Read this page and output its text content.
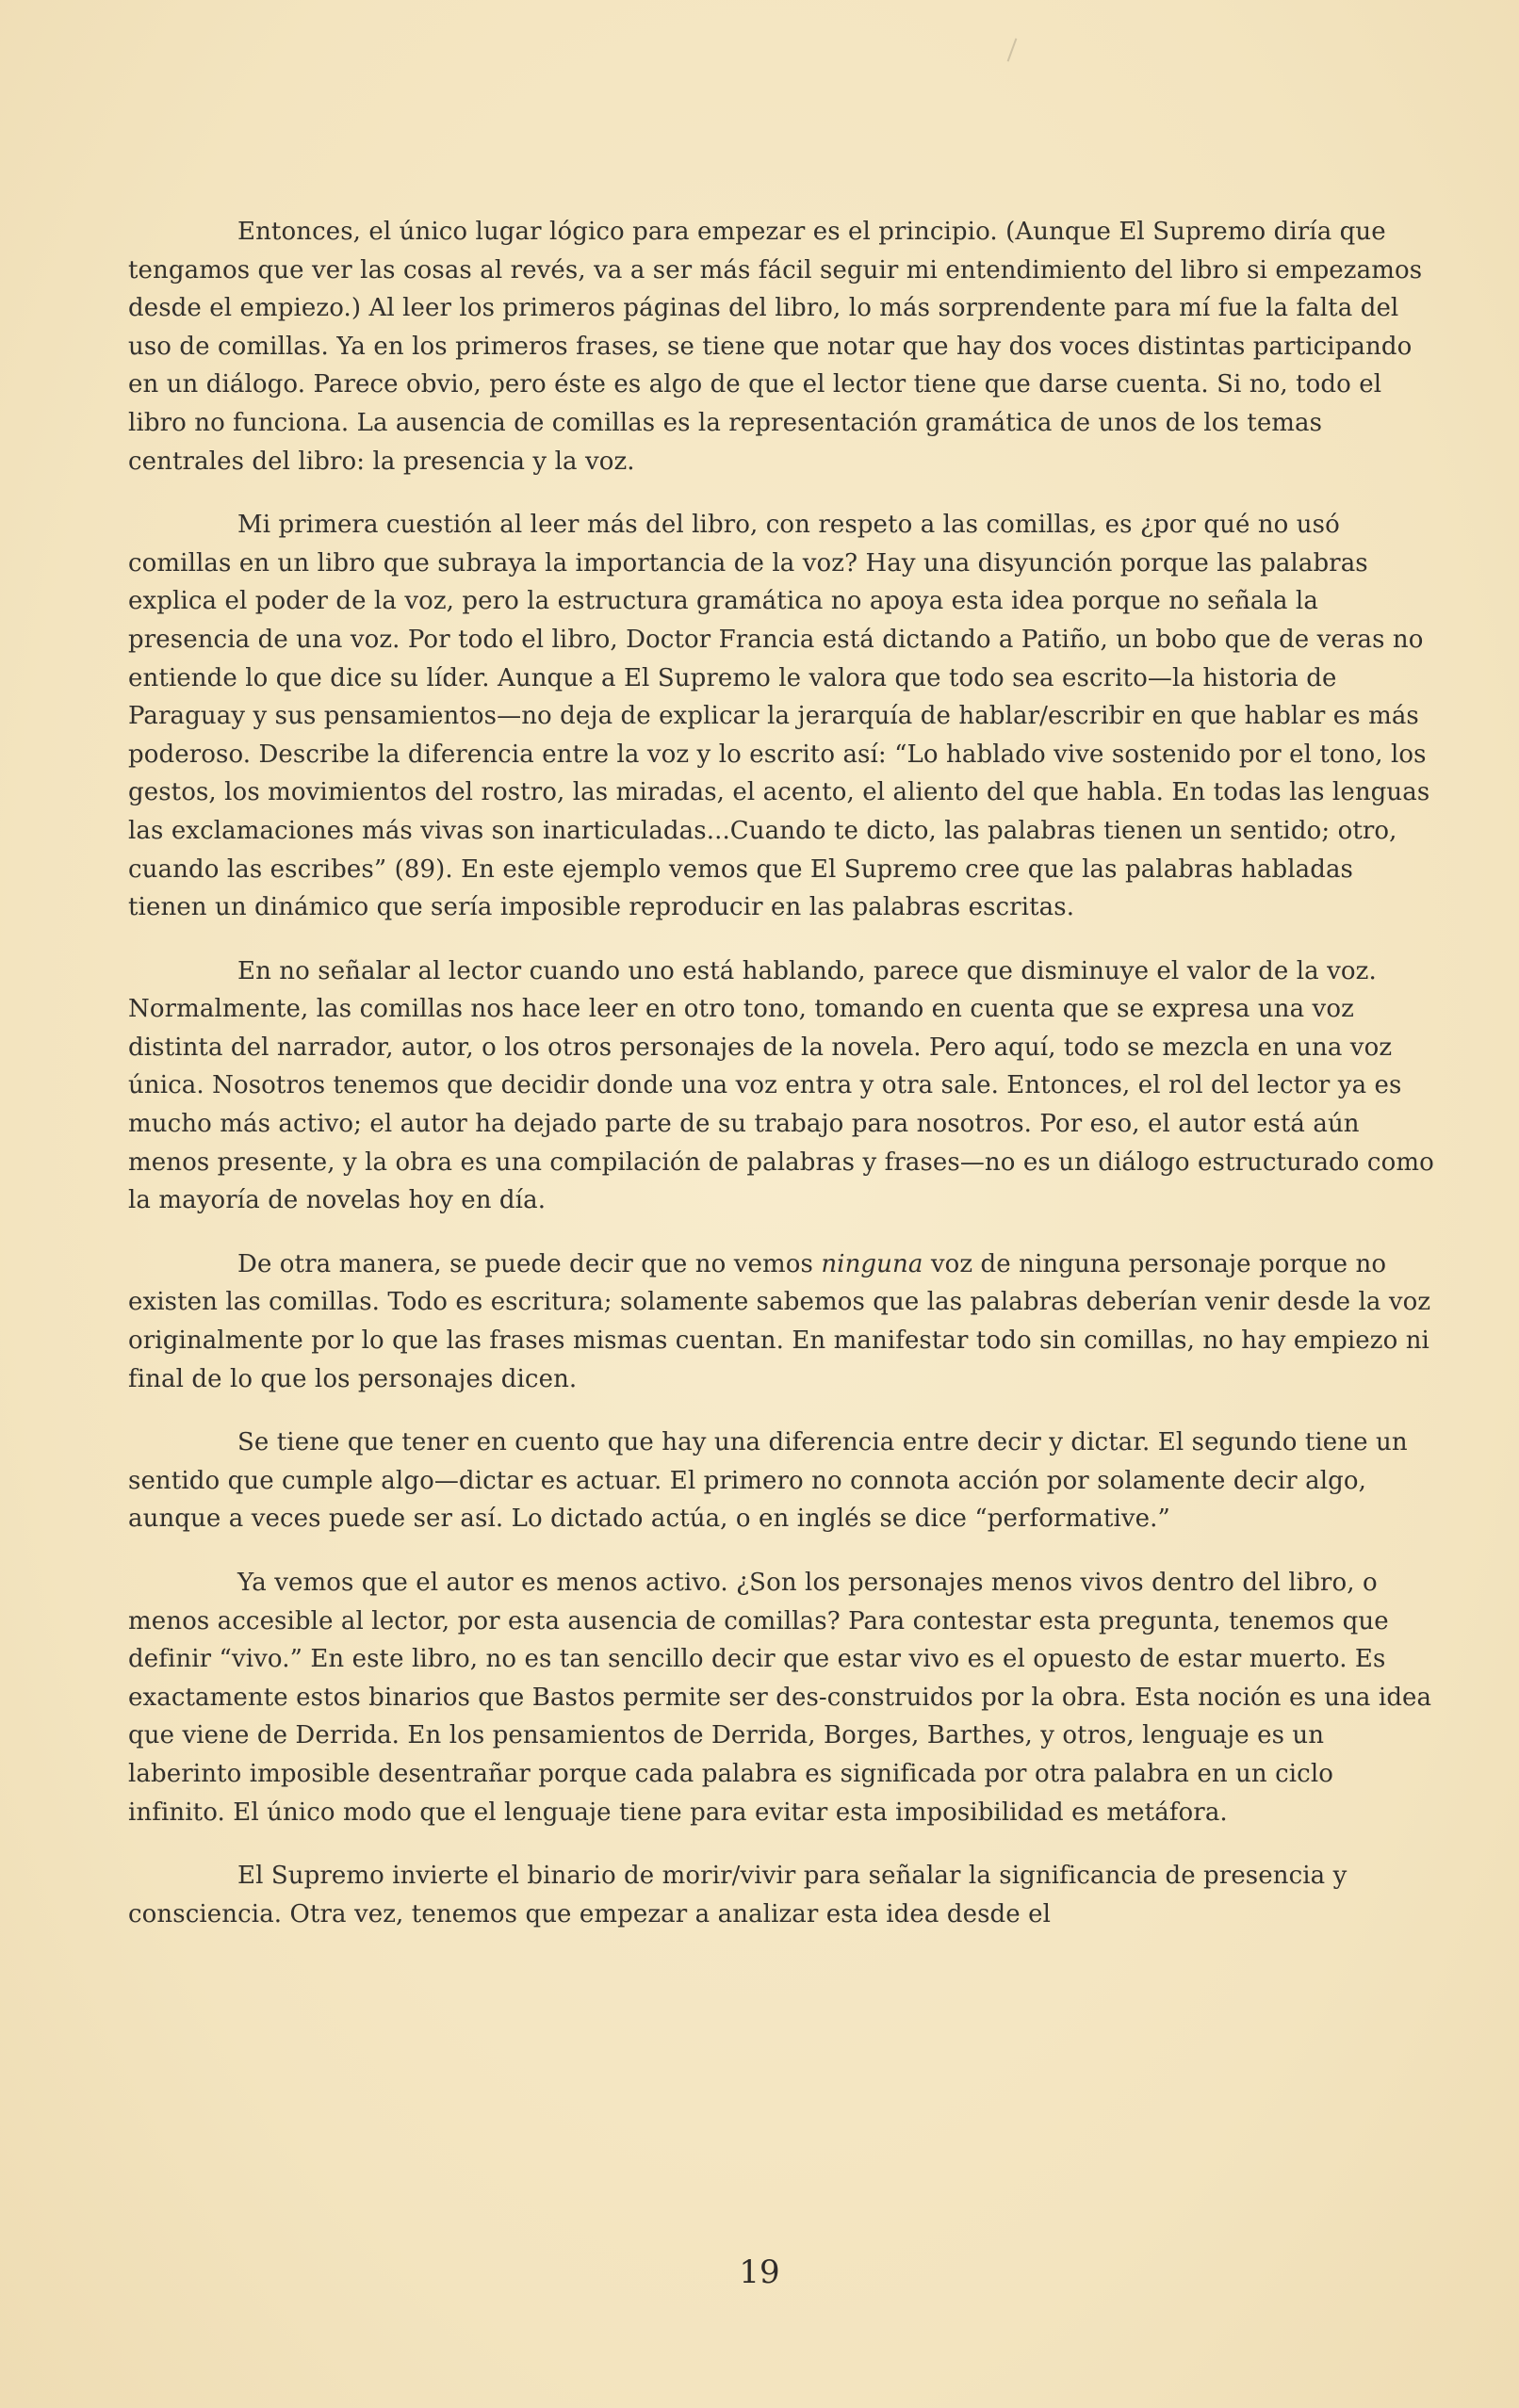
Entonces, el único lugar lógico para empezar es el principio. (Aunque El Supremo diría que tengamos que ver las cosas al revés, va a ser más fácil seguir mi entendimiento del libro si empezamos desde el empiezo.) Al leer los primeros páginas del libro, lo más sorprendente para mí fue la falta del uso de comillas. Ya en los primeros frases, se tiene que notar que hay dos voces distintas participando en un diálogo. Parece obvio, pero éste es algo de que el lector tiene que darse cuenta. Si no, todo el libro no funciona. La ausencia de comillas es la representación gramática de unos de los temas centrales del libro: la presencia y la voz.

Mi primera cuestión al leer más del libro, con respeto a las comillas, es ¿por qué no usó comillas en un libro que subraya la importancia de la voz? Hay una disyunción porque las palabras explica el poder de la voz, pero la estructura gramática no apoya esta idea porque no señala la presencia de una voz. Por todo el libro, Doctor Francia está dictando a Patiño, un bobo que de veras no entiende lo que dice su líder. Aunque a El Supremo le valora que todo sea escrito—la historia de Paraguay y sus pensamientos—no deja de explicar la jerarquía de hablar/escribir en que hablar es más poderoso. Describe la diferencia entre la voz y lo escrito así: “Lo hablado vive sostenido por el tono, los gestos, los movimientos del rostro, las miradas, el acento, el aliento del que habla. En todas las lenguas las exclamaciones más vivas son inarticuladas...Cuando te dicto, las palabras tienen un sentido; otro, cuando las escribes” (89). En este ejemplo vemos que El Supremo cree que las palabras habladas tienen un dinámico que sería imposible reproducir en las palabras escritas.

En no señalar al lector cuando uno está hablando, parece que disminuye el valor de la voz. Normalmente, las comillas nos hace leer en otro tono, tomando en cuenta que se expresa una voz distinta del narrador, autor, o los otros personajes de la novela. Pero aquí, todo se mezcla en una voz única. Nosotros tenemos que decidir donde una voz entra y otra sale. Entonces, el rol del lector ya es mucho más activo; el autor ha dejado parte de su trabajo para nosotros. Por eso, el autor está aún menos presente, y la obra es una compilación de palabras y frases—no es un diálogo estructurado como la mayoría de novelas hoy en día.

De otra manera, se puede decir que no vemos ninguna voz de ninguna personaje porque no existen las comillas. Todo es escritura; solamente sabemos que las palabras deberían venir desde la voz originalmente por lo que las frases mismas cuentan. En manifestar todo sin comillas, no hay empiezo ni final de lo que los personajes dicen.

Se tiene que tener en cuento que hay una diferencia entre decir y dictar. El segundo tiene un sentido que cumple algo—dictar es actuar. El primero no connota acción por solamente decir algo, aunque a veces puede ser así. Lo dictado actúa, o en inglés se dice “performative.”

Ya vemos que el autor es menos activo. ¿Son los personajes menos vivos dentro del libro, o menos accesible al lector, por esta ausencia de comillas? Para contestar esta pregunta, tenemos que definir “vivo.” En este libro, no es tan sencillo decir que estar vivo es el opuesto de estar muerto. Es exactamente estos binarios que Bastos permite ser des-construidos por la obra. Esta noción es una idea que viene de Derrida. En los pensamientos de Derrida, Borges, Barthes, y otros, lenguaje es un laberinto imposible desentrañar porque cada palabra es significada por otra palabra en un ciclo infinito. El único modo que el lenguaje tiene para evitar esta imposibilidad es metáfora.

El Supremo invierte el binario de morir/vivir para señalar la significancia de presencia y consciencia. Otra vez, tenemos que empezar a analizar esta idea desde el

19
